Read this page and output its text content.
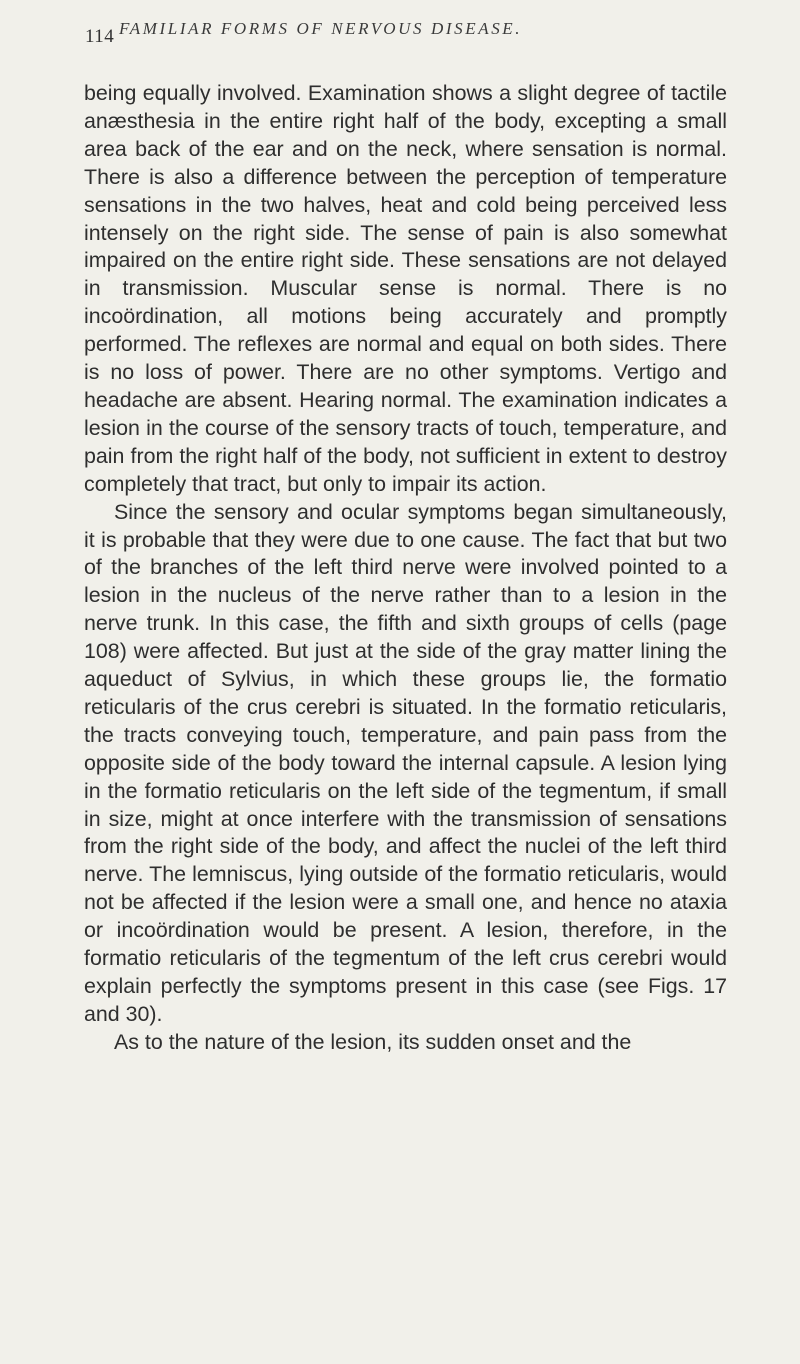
114 FAMILIAR FORMS OF NERVOUS DISEASE.

being equally involved. Examination shows a slight degree of tactile anæsthesia in the entire right half of the body, excepting a small area back of the ear and on the neck, where sensation is normal. There is also a difference between the perception of temperature sensations in the two halves, heat and cold being perceived less intensely on the right side. The sense of pain is also somewhat impaired on the entire right side. These sensations are not delayed in transmission. Muscular sense is normal. There is no incoördination, all motions being accurately and promptly performed. The reflexes are normal and equal on both sides. There is no loss of power. There are no other symptoms. Vertigo and headache are absent. Hearing normal. The examination indicates a lesion in the course of the sensory tracts of touch, temperature, and pain from the right half of the body, not sufficient in extent to destroy completely that tract, but only to impair its action.

Since the sensory and ocular symptoms began simultaneously, it is probable that they were due to one cause. The fact that but two of the branches of the left third nerve were involved pointed to a lesion in the nucleus of the nerve rather than to a lesion in the nerve trunk. In this case, the fifth and sixth groups of cells (page 108) were affected. But just at the side of the gray matter lining the aqueduct of Sylvius, in which these groups lie, the formatio reticularis of the crus cerebri is situated. In the formatio reticularis, the tracts conveying touch, temperature, and pain pass from the opposite side of the body toward the internal capsule. A lesion lying in the formatio reticularis on the left side of the tegmentum, if small in size, might at once interfere with the transmission of sensations from the right side of the body, and affect the nuclei of the left third nerve. The lemniscus, lying outside of the formatio reticularis, would not be affected if the lesion were a small one, and hence no ataxia or incoördination would be present. A lesion, therefore, in the formatio reticularis of the tegmentum of the left crus cerebri would explain perfectly the symptoms present in this case (see Figs. 17 and 30).

As to the nature of the lesion, its sudden onset and the
